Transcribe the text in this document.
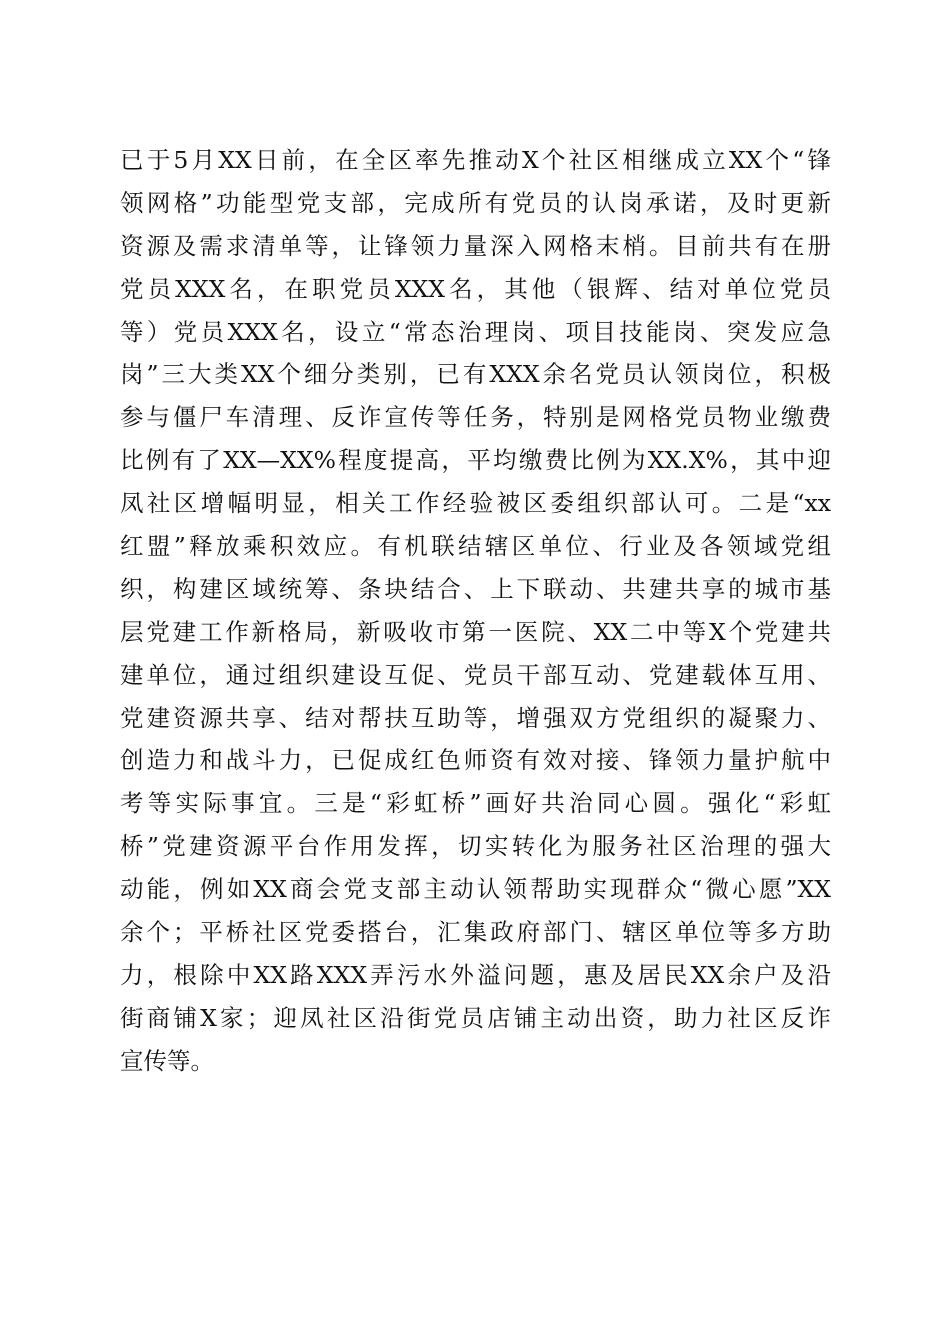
已于5月XX日前，在全区率先推动X个社区相继成立XX个“锋
领网格”功能型党支部，完成所有党员的认岗承诺，及时更新
资源及需求清单等，让锋领力量深入网格末梢。目前共有在册
党员XXX名，在职党员XXX名，其他（银辉、结对单位党员
等）党员XXX名，设立“常态治理岗、项目技能岗、突发应急
岗”三大类XX个细分类别，已有XXX余名党员认领岗位，积极
参与僵尸车清理、反诈宣传等任务，特别是网格党员物业缴费
比例有了XX—XX%程度提高，平均缴费比例为XX.X%，其中迎
凤社区增幅明显，相关工作经验被区委组织部认可。二是“xx
红盟”释放乘积效应。有机联结辖区单位、行业及各领域党组
织，构建区域统筹、条块结合、上下联动、共建共享的城市基
层党建工作新格局，新吸收市第一医院、XX二中等X个党建共
建单位，通过组织建设互促、党员干部互动、党建载体互用、
党建资源共享、结对帮扶互助等，增强双方党组织的凝聚力、
创造力和战斗力，已促成红色师资有效对接、锋领力量护航中
考等实际事宜。三是“彩虹桥”画好共治同心圆。强化“彩虹
桥”党建资源平台作用发挥，切实转化为服务社区治理的强大
动能，例如XX商会党支部主动认领帮助实现群众“微心愿”XX
余个；平桥社区党委搭台，汇集政府部门、辖区单位等多方助
力，根除中XX路XXX弄污水外溢问题，惠及居民XX余户及沿
街商铺X家；迎凤社区沿街党员店铺主动出资，助力社区反诈
宣传等。
